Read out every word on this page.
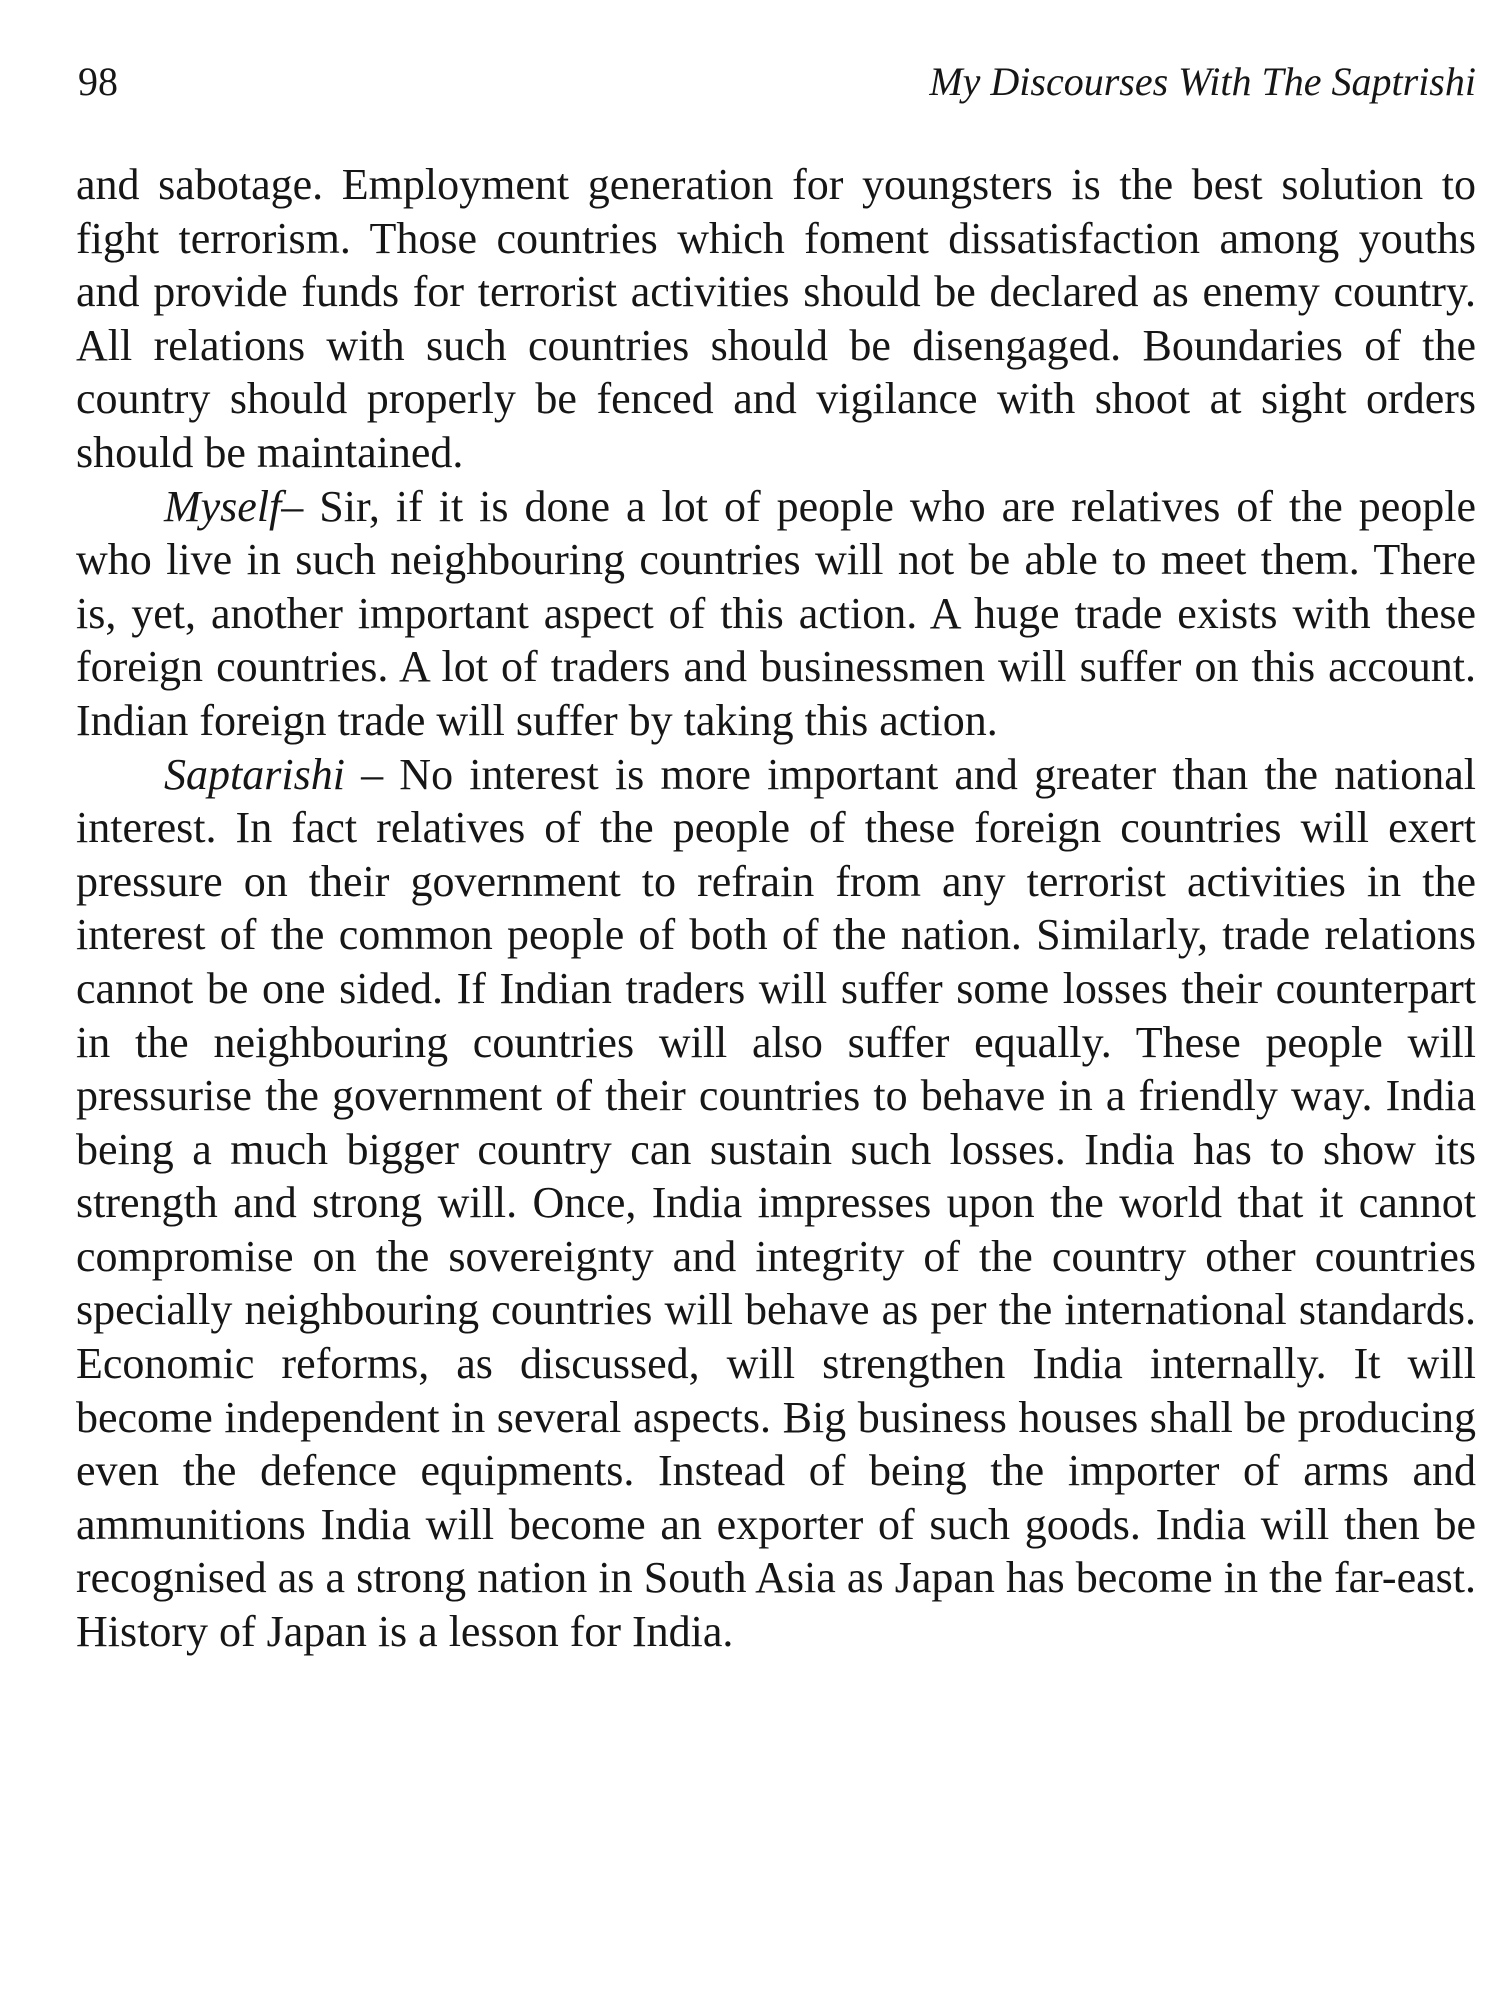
98	My Discourses With The Saptrishi

and sabotage. Employment generation for youngsters is the best solution to fight terrorism. Those countries which foment dissatisfaction among youths and provide funds for terrorist activities should be declared as enemy country. All relations with such countries should be disengaged. Boundaries of the country should properly be fenced and vigilance with shoot at sight orders should be maintained.

Myself– Sir, if it is done a lot of people who are relatives of the people who live in such neighbouring countries will not be able to meet them. There is, yet, another important aspect of this action. A huge trade exists with these foreign countries. A lot of traders and businessmen will suffer on this account. Indian foreign trade will suffer by taking this action.

Saptarishi – No interest is more important and greater than the national interest. In fact relatives of the people of these foreign countries will exert pressure on their government to refrain from any terrorist activities in the interest of the common people of both of the nation. Similarly, trade relations cannot be one sided. If Indian traders will suffer some losses their counterpart in the neighbouring countries will also suffer equally. These people will pressurise the government of their countries to behave in a friendly way. India being a much bigger country can sustain such losses. India has to show its strength and strong will. Once, India impresses upon the world that it cannot compromise on the sovereignty and integrity of the country other countries specially neighbouring countries will behave as per the international standards. Economic reforms, as discussed, will strengthen India internally. It will become independent in several aspects. Big business houses shall be producing even the defence equipments. Instead of being the importer of arms and ammunitions India will become an exporter of such goods. India will then be recognised as a strong nation in South Asia as Japan has become in the far-east. History of Japan is a lesson for India.
